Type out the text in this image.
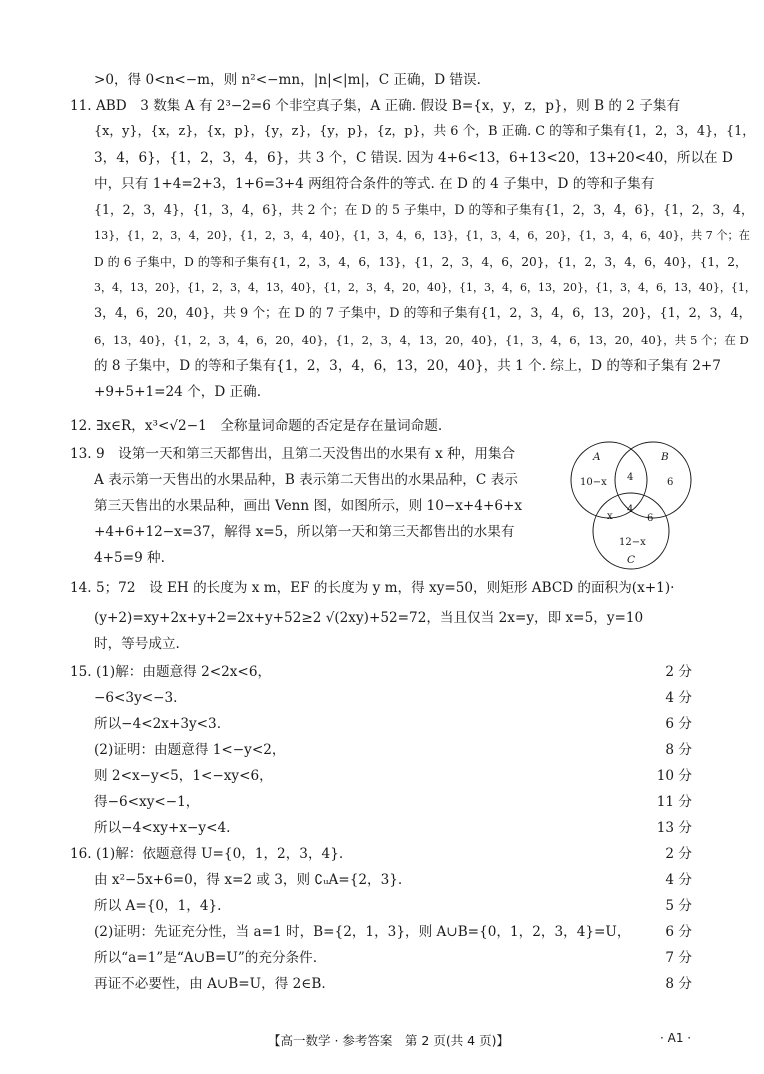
>0，得 0<n<−m，则 n²<−mn，|n|<|m|，C 正确，D 错误.
11. ABD　3 数集 A 有 2³−2=6 个非空真子集，A 正确. 假设 B={x，y，z，p}，则 B 的 2 子集有
{x，y}，{x，z}，{x，p}，{y，z}，{y，p}，{z，p}，共 6 个，B 正确. C 的等和子集有{1，2，3，4}，{1，
3，4，6}，{1，2，3，4，6}，共 3 个，C 错误. 因为 4+6<13，6+13<20，13+20<40，所以在 D
中，只有 1+4=2+3，1+6=3+4 两组符合条件的等式. 在 D 的 4 子集中，D 的等和子集有
{1，2，3，4}，{1，3，4，6}，共 2 个；在 D 的 5 子集中，D 的等和子集有{1，2，3，4，6}，{1，2，3，4，
13}，{1，2，3，4，20}，{1，2，3，4，40}，{1，3，4，6，13}，{1，3，4，6，20}，{1，3，4，6，40}，共 7 个；在
D 的 6 子集中，D 的等和子集有{1，2，3，4，6，13}，{1，2，3，4，6，20}，{1，2，3，4，6，40}，{1，2，
3，4，13，20}，{1，2，3，4，13，40}，{1，2，3，4，20，40}，{1，3，4，6，13，20}，{1，3，4，6，13，40}，{1，
3，4，6，20，40}，共 9 个；在 D 的 7 子集中，D 的等和子集有{1，2，3，4，6，13，20}，{1，2，3，4，
6，13，40}，{1，2，3，4，6，20，40}，{1，2，3，4，13，20，40}，{1，3，4，6，13，20，40}，共 5 个；在 D
的 8 子集中，D 的等和子集有{1，2，3，4，6，13，20，40}，共 1 个. 综上，D 的等和子集有 2+7
+9+5+1=24 个，D 正确.
12. ∃x∈R，x³<√2−1　全称量词命题的否定是存在量词命题.
13. 9　设第一天和第三天都售出，且第二天没售出的水果有 x 种，用集合
A 表示第一天售出的水果品种，B 表示第二天售出的水果品种，C 表示
第三天售出的水果品种，画出 Venn 图，如图所示，则 10−x+4+6+x
+4+6+12−x=37，解得 x=5，所以第一天和第三天都售出的水果有
4+5=9 种.
14. 5；72　设 EH 的长度为 x m，EF 的长度为 y m，得 xy=50，则矩形 ABCD 的面积为(x+1)·
(y+2)=xy+2x+y+2=2x+y+52≥2 √(2xy)+52=72，当且仅当 2x=y，即 x=5，y=10
时，等号成立.
A	B
C
10−x 4	6
x
4
6
12−x
15. (1)解：由题意得 2<2x<6，	2 分
−6<3y<−3.	4 分
所以−4<2x+3y<3.	6 分
(2)证明：由题意得 1<−y<2，	8 分
则 2<x−y<5，1<−xy<6，	10 分
得−6<xy<−1，	11 分
所以−4<xy+x−y<4.	13 分
16. (1)解：依题意得 U={0，1，2，3，4}.	2 分
由 x²−5x+6=0，得 x=2 或 3，则 ∁ᵤA={2，3}.	4 分
所以 A={0，1，4}.	5 分
(2)证明：先证充分性，当 a=1 时，B={2，1，3}，则 A∪B={0，1，2，3，4}=U，	6 分
所以“a=1”是“A∪B=U”的充分条件.	7 分
再证不必要性，由 A∪B=U，得 2∈B.	8 分
【高一数学 · 参考答案　第 2 页(共 4 页)】	· A1 ·
